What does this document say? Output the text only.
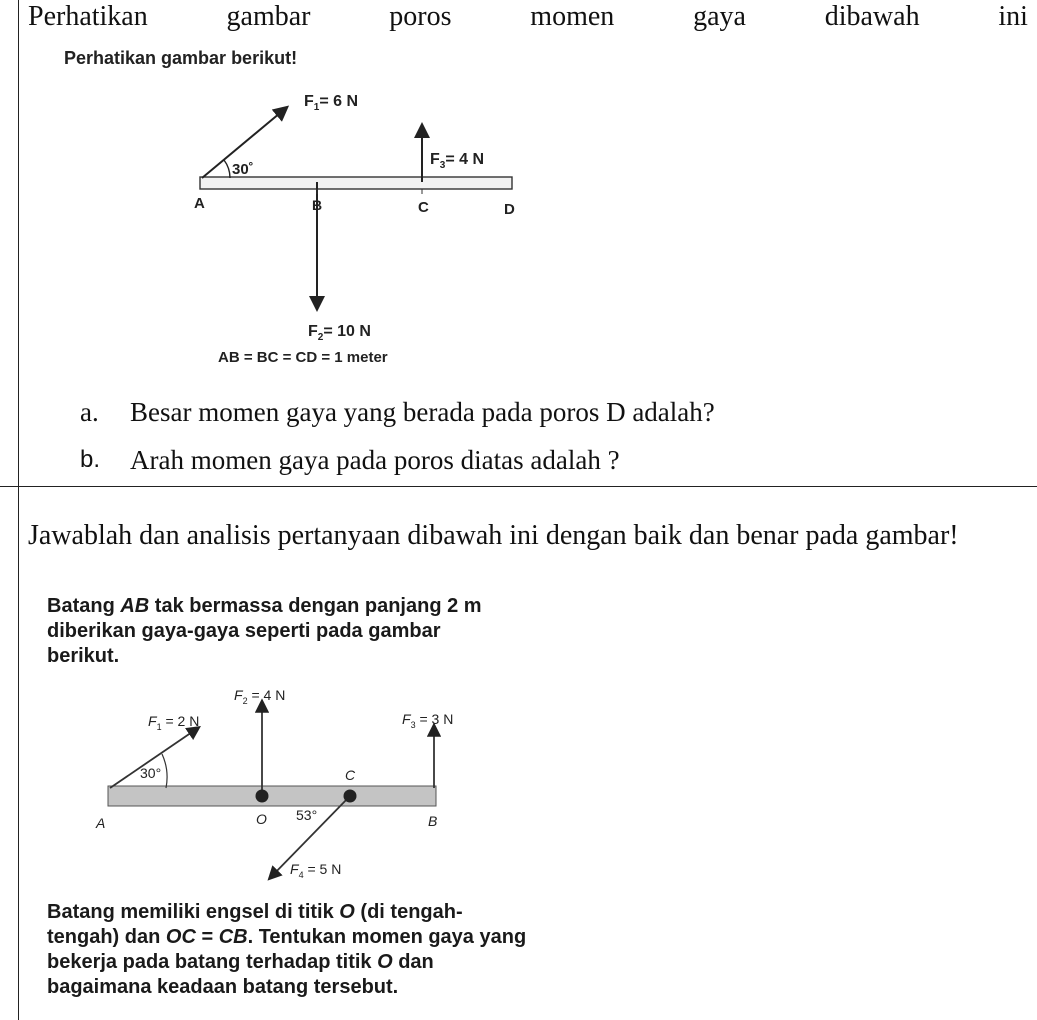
Perhatikan	gambar	poros	momen	gaya	dibawah	ini
Perhatikan gambar berikut!
$F_1= 6$ N
30˚
$F_3= 4$ N
A	B	C	D
$F_2= 10$ N
AB = BC = CD = 1 meter
a. Besar momen gaya yang berada pada poros D adalah?
b. Arah momen gaya pada poros diatas adalah ?
Jawablah dan analisis pertanyaan dibawah ini dengan baik dan benar pada gambar!
Batang AB tak bermassa dengan panjang 2 m diberikan gaya-gaya seperti pada gambar berikut.
$F_1 = 2$ N
$F_2 = 4$ N
$F_3 = 3$ N
$F_4 = 5$ N
30°
53°
A	O
C
B
Batang memiliki engsel di titik O (di tengah-tengah) dan OC = CB. Tentukan momen gaya yang bekerja pada batang terhadap titik O dan bagaimana keadaan batang tersebut.
